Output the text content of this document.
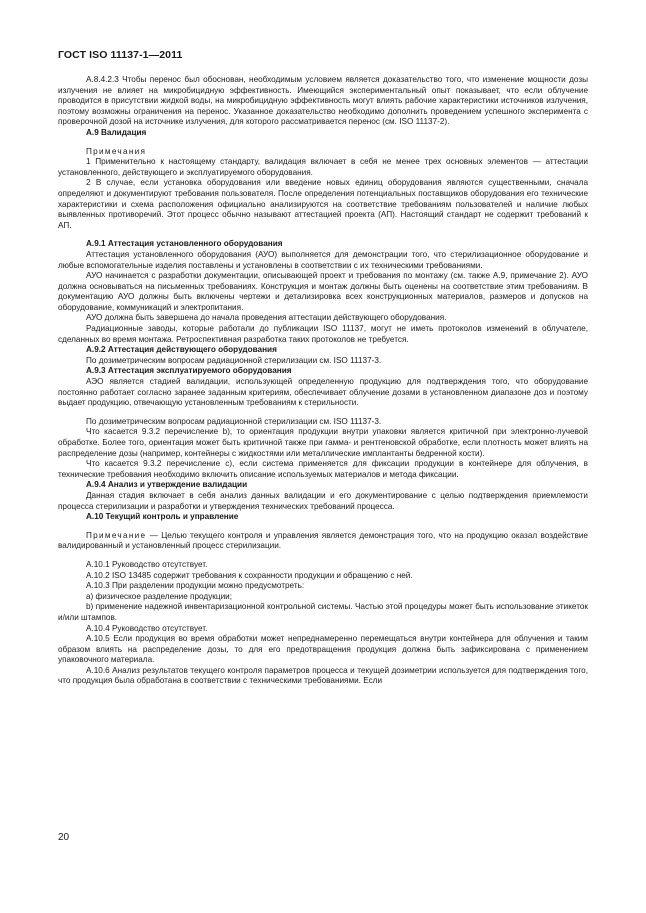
ГОСТ ISO 11137-1—2011

A.8.4.2.3 Чтобы перенос был обоснован, необходимым условием является доказательство того, что изменение мощности дозы излучения не влияет на микробицидную эффективность. Имеющийся экспериментальный опыт показывает, что если облучение проводится в присутствии жидкой воды, на микробицидную эффективность могут влиять рабочие характеристики источников излучения, поэтому возможны ограничения на перенос. Указанное доказательство необходимо дополнить проведением успешного эксперимента с проверочной дозой на источнике излучения, для которого рассматривается перенос (см. ISO 11137-2).

A.9 Валидация

Примечания

1 Применительно к настоящему стандарту, валидация включает в себя не менее трех основных элементов — аттестации установленного, действующего и эксплуатируемого оборудования.

2 В случае, если установка оборудования или введение новых единиц оборудования являются существенными, сначала определяют и документируют требования пользователя. После определения потенциальных поставщиков оборудования его технические характеристики и схема расположения официально анализируются на соответствие требованиям пользователей и наличие любых выявленных противоречий. Этот процесс обычно называют аттестацией проекта (АП). Настоящий стандарт не содержит требований к АП.

A.9.1 Аттестация установленного оборудования

Аттестация установленного оборудования (АУО) выполняется для демонстрации того, что стерилизационное оборудование и любые вспомогательные изделия поставлены и установлены в соответствии с их техническими требованиями.

АУО начинается с разработки документации, описывающей проект и требования по монтажу (см. также A.9, примечание 2). АУО должна основываться на письменных требованиях. Конструкция и монтаж должны быть оценены на соответствие этим требованиям. В документацию АУО должны быть включены чертежи и детализировка всех конструкционных материалов, размеров и допусков на оборудование, коммуникаций и электропитания.

АУО должна быть завершена до начала проведения аттестации действующего оборудования.

Радиационные заводы, которые работали до публикации ISO 11137, могут не иметь протоколов изменений в облучателе, сделанных во время монтажа. Ретроспективная разработка таких протоколов не требуется.

A.9.2 Аттестация действующего оборудования

По дозиметрическим вопросам радиационной стерилизации см. ISO 11137-3.

A.9.3 Аттестация эксплуатируемого оборудования

АЭО является стадией валидации, использующей определенную продукцию для подтверждения того, что оборудование постоянно работает согласно заранее заданным критериям, обеспечивает облучение дозами в установленном диапазоне доз и поэтому выдает продукцию, отвечающую установленным требованиям к стерильности.

По дозиметрическим вопросам радиационной стерилизации см. ISO 11137-3.

Что касается 9.3.2 перечисление b), то ориентация продукции внутри упаковки является критичной при электронно-лучевой обработке. Более того, ориентация может быть критичной также при гамма- и рентгеновской обработке, если плотность может влиять на распределение дозы (например, контейнеры с жидкостями или металлические имплантанты бедренной кости).

Что касается 9.3.2 перечисление c), если система применяется для фиксации продукции в контейнере для облучения, в технические требования необходимо включить описание используемых материалов и метода фиксации.

A.9.4 Анализ и утверждение валидации

Данная стадия включает в себя анализ данных валидации и его документирование с целью подтверждения приемлемости процесса стерилизации и разработки и утверждения технических требований процесса.

A.10 Текущий контроль и управление

Примечание — Целью текущего контроля и управления является демонстрация того, что на продукцию оказал воздействие валидированный и установленный процесс стерилизации.

A.10.1 Руководство отсутствует.

A.10.2 ISO 13485 содержит требования к сохранности продукции и обращению с ней.

A.10.3 При разделении продукции можно предусмотреть:

a) физическое разделение продукции;

b) применение надежной инвентаризационной контрольной системы. Частью этой процедуры может быть использование этикеток и/или штампов.

A.10.4 Руководство отсутствует.

A.10.5 Если продукция во время обработки может непреднамеренно перемещаться внутри контейнера для облучения и таким образом влиять на распределение дозы, то для его предотвращения продукция должна быть зафиксирована с применением упаковочного материала.

A.10.6 Анализ результатов текущего контроля параметров процесса и текущей дозиметрии используется для подтверждения того, что продукция была обработана в соответствии с техническими требованиями. Если

20
